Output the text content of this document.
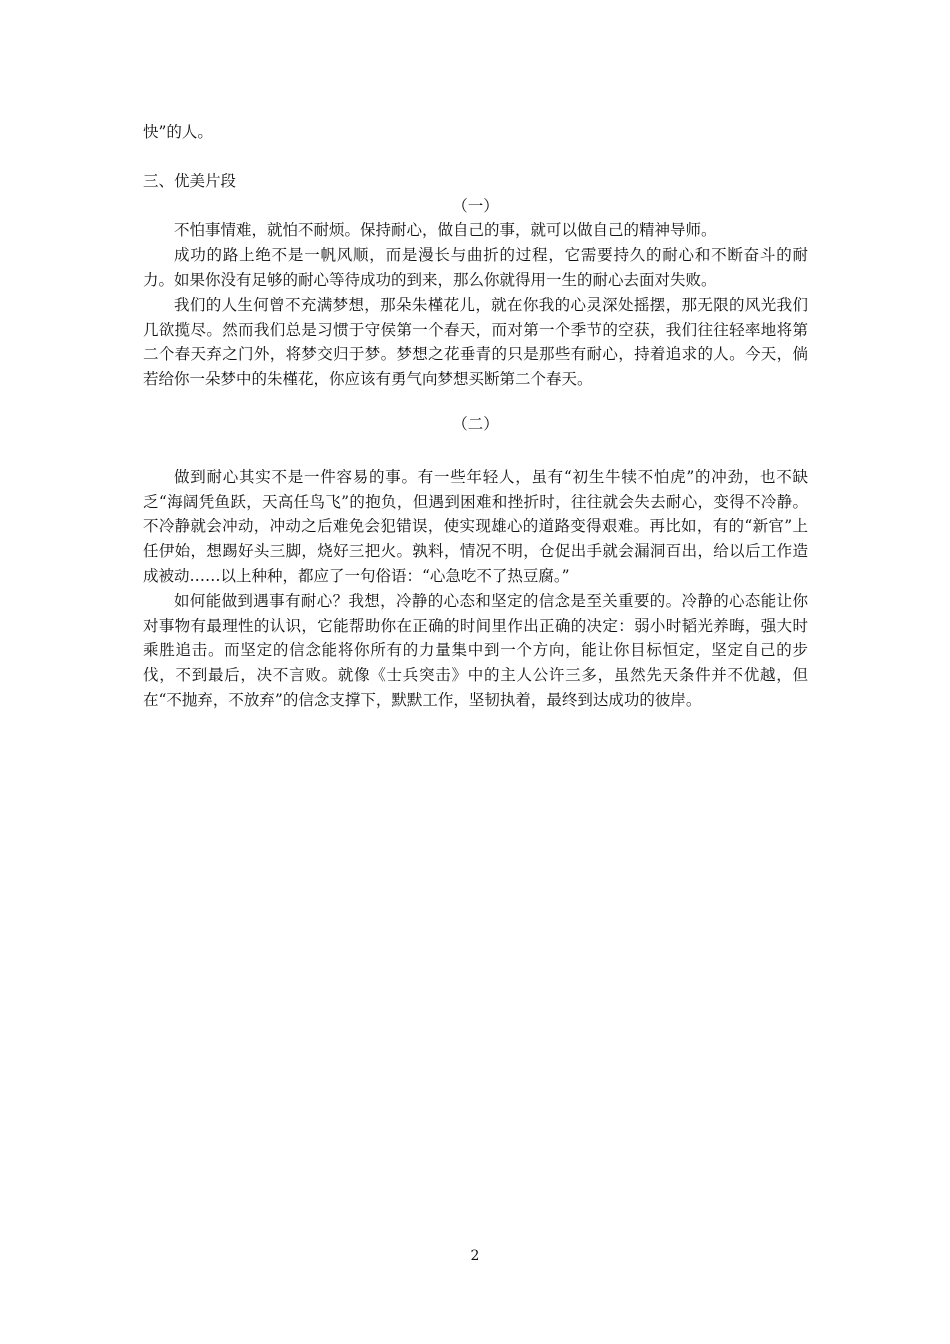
快”的人。

三、优美片段

（一）

不怕事情难，就怕不耐烦。保持耐心，做自己的事，就可以做自己的精神导师。

成功的路上绝不是一帆风顺，而是漫长与曲折的过程，它需要持久的耐心和不断奋斗的耐力。如果你没有足够的耐心等待成功的到来，那么你就得用一生的耐心去面对失败。

我们的人生何曾不充满梦想，那朵朱槿花儿，就在你我的心灵深处摇摆，那无限的风光我们几欲揽尽。然而我们总是习惯于守侯第一个春天，而对第一个季节的空获，我们往往轻率地将第二个春天弃之门外，将梦交归于梦。梦想之花垂青的只是那些有耐心，持着追求的人。今天，倘若给你一朵梦中的朱槿花，你应该有勇气向梦想买断第二个春天。

（二）

做到耐心其实不是一件容易的事。有一些年轻人，虽有“初生牛犊不怕虎”的冲劲，也不缺乏“海阔凭鱼跃，天高任鸟飞”的抱负，但遇到困难和挫折时，往往就会失去耐心，变得不冷静。不冷静就会冲动，冲动之后难免会犯错误，使实现雄心的道路变得艰难。再比如，有的“新官”上任伊始，想踢好头三脚，烧好三把火。孰料，情况不明，仓促出手就会漏洞百出，给以后工作造成被动……以上种种，都应了一句俗语：“心急吃不了热豆腐。”

如何能做到遇事有耐心？我想，冷静的心态和坚定的信念是至关重要的。冷静的心态能让你对事物有最理性的认识，它能帮助你在正确的时间里作出正确的决定：弱小时韬光养晦，强大时乘胜追击。而坚定的信念能将你所有的力量集中到一个方向，能让你目标恒定，坚定自己的步伐，不到最后，决不言败。就像《士兵突击》中的主人公许三多，虽然先天条件并不优越，但在“不抛弃，不放弃”的信念支撑下，默默工作，坚韧执着，最终到达成功的彼岸。

2
